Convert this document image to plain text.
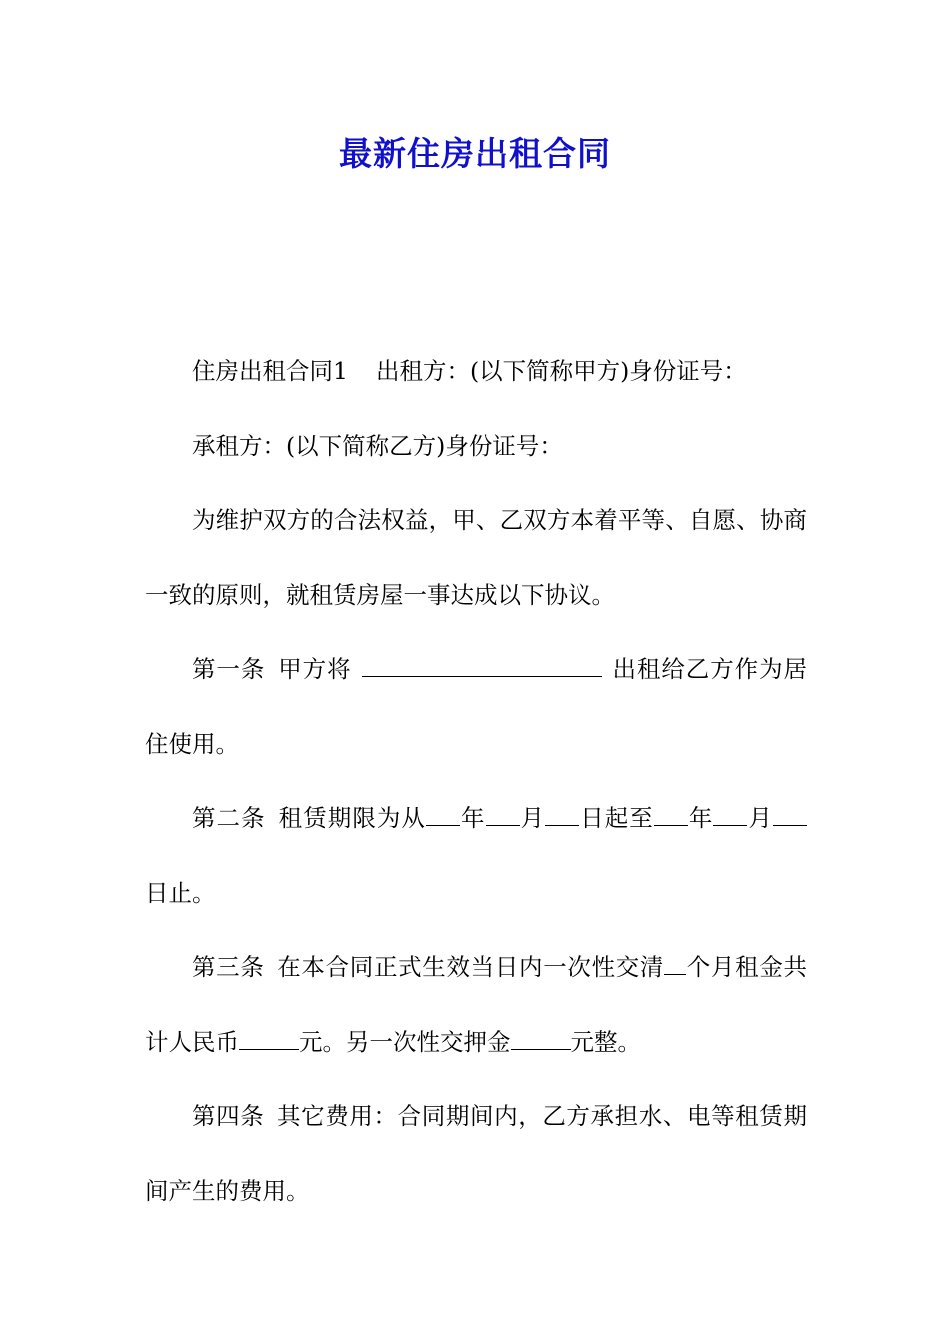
最新住房出租合同

住房出租合同1 出租方：(以下简称甲方)身份证号：

承租方：(以下简称乙方)身份证号：

为维护双方的合法权益，甲、乙双方本着平等、自愿、协商一致的原则，就租赁房屋一事达成以下协议。

第一条 甲方将	出租给乙方作为居住使用。

第二条 租赁期限为从 年 月 日起至 年 月日止。

第三条 在本合同正式生效当日内一次性交清 个月租金共计人民币	元。另一次性交押金	元整。

第四条 其它费用：合同期间内，乙方承担水、电等租赁期间产生的费用。
